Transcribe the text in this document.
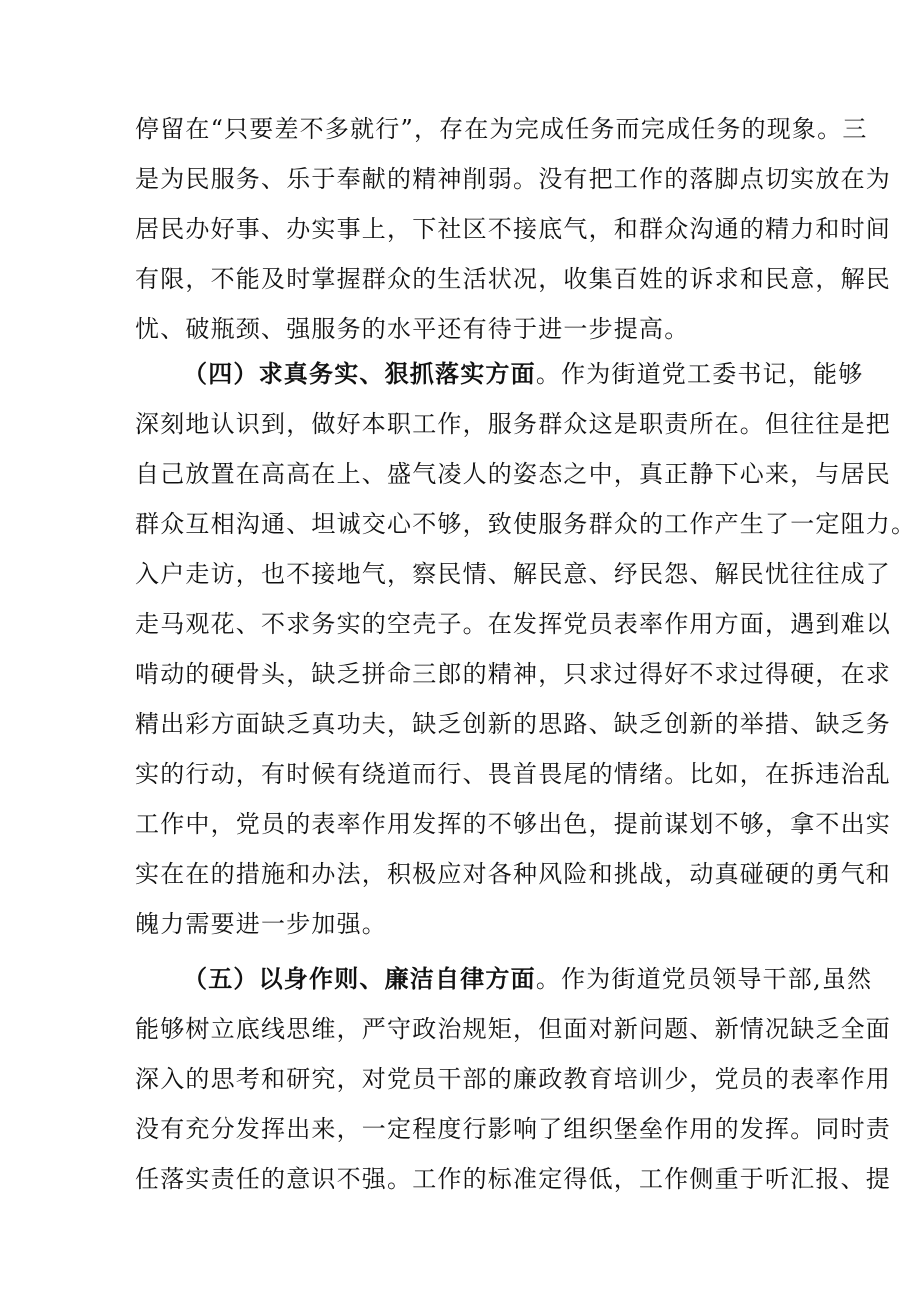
停留在“只要差不多就行”，存在为完成任务而完成任务的现象。三
是为民服务、乐于奉献的精神削弱。没有把工作的落脚点切实放在为
居民办好事、办实事上，下社区不接底气，和群众沟通的精力和时间
有限，不能及时掌握群众的生活状况，收集百姓的诉求和民意，解民
忧、破瓶颈、强服务的水平还有待于进一步提高。
（四）求真务实、狠抓落实方面。作为街道党工委书记，能够
深刻地认识到，做好本职工作，服务群众这是职责所在。但往往是把
自己放置在高高在上、盛气凌人的姿态之中，真正静下心来，与居民
群众互相沟通、坦诚交心不够，致使服务群众的工作产生了一定阻力。
入户走访，也不接地气，察民情、解民意、纾民怨、解民忧往往成了
走马观花、不求务实的空壳子。在发挥党员表率作用方面，遇到难以
啃动的硬骨头，缺乏拼命三郎的精神，只求过得好不求过得硬，在求
精出彩方面缺乏真功夫，缺乏创新的思路、缺乏创新的举措、缺乏务
实的行动，有时候有绕道而行、畏首畏尾的情绪。比如，在拆违治乱
工作中，党员的表率作用发挥的不够出色，提前谋划不够，拿不出实
实在在的措施和办法，积极应对各种风险和挑战，动真碰硬的勇气和
魄力需要进一步加强。
（五）以身作则、廉洁自律方面。作为街道党员领导干部,虽然
能够树立底线思维，严守政治规矩，但面对新问题、新情况缺乏全面
深入的思考和研究，对党员干部的廉政教育培训少，党员的表率作用
没有充分发挥出来，一定程度行影响了组织堡垒作用的发挥。同时责
任落实责任的意识不强。工作的标准定得低，工作侧重于听汇报、提
